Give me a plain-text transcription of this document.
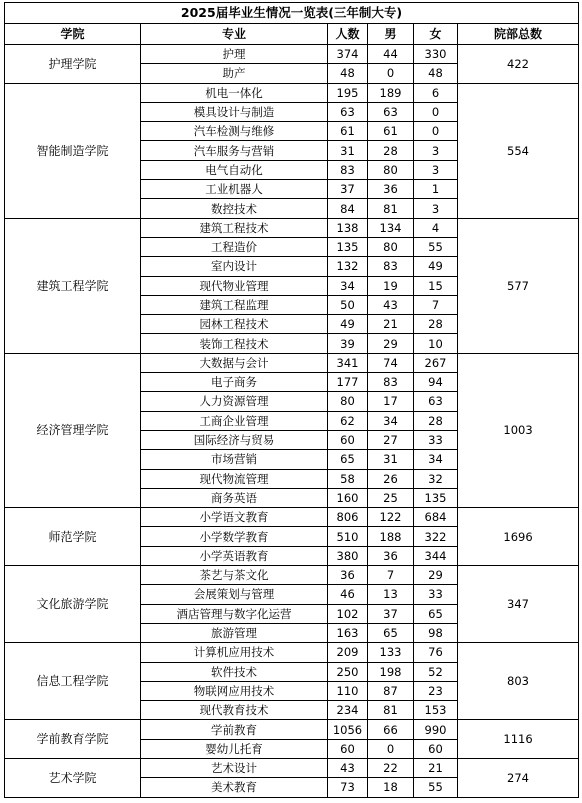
2025届毕业生情况一览表(三年制大专)					
学院	专业	人数	男	女	院部总数
护理学院	护理	374	44	330	422
	助产	48	0	48	
智能制造学院	机电一体化	195	189	6	554
	模具设计与制造	63	63	0	
	汽车检测与维修	61	61	0	
	汽车服务与营销	31	28	3	
	电气自动化	83	80	3	
	工业机器人	37	36	1	
	数控技术	84	81	3	
建筑工程学院	建筑工程技术	138	134	4	577
	工程造价	135	80	55	
	室内设计	132	83	49	
	现代物业管理	34	19	15	
	建筑工程监理	50	43	7	
	园林工程技术	49	21	28	
	装饰工程技术	39	29	10	
经济管理学院	大数据与会计	341	74	267	1003
	电子商务	177	83	94	
	人力资源管理	80	17	63	
	工商企业管理	62	34	28	
	国际经济与贸易	60	27	33	
	市场营销	65	31	34	
	现代物流管理	58	26	32	
	商务英语	160	25	135	
师范学院	小学语文教育	806	122	684	1696
	小学数学教育	510	188	322	
	小学英语教育	380	36	344	
文化旅游学院	茶艺与茶文化	36	7	29	347
	会展策划与管理	46	13	33	
	酒店管理与数字化运营	102	37	65	
	旅游管理	163	65	98	
信息工程学院	计算机应用技术	209	133	76	803
	软件技术	250	198	52	
	物联网应用技术	110	87	23	
	现代教育技术	234	81	153	
学前教育学院	学前教育	1056	66	990	1116
	婴幼儿托育	60	0	60	
艺术学院	艺术设计	43	22	21	274
	美术教育	73	18	55	
